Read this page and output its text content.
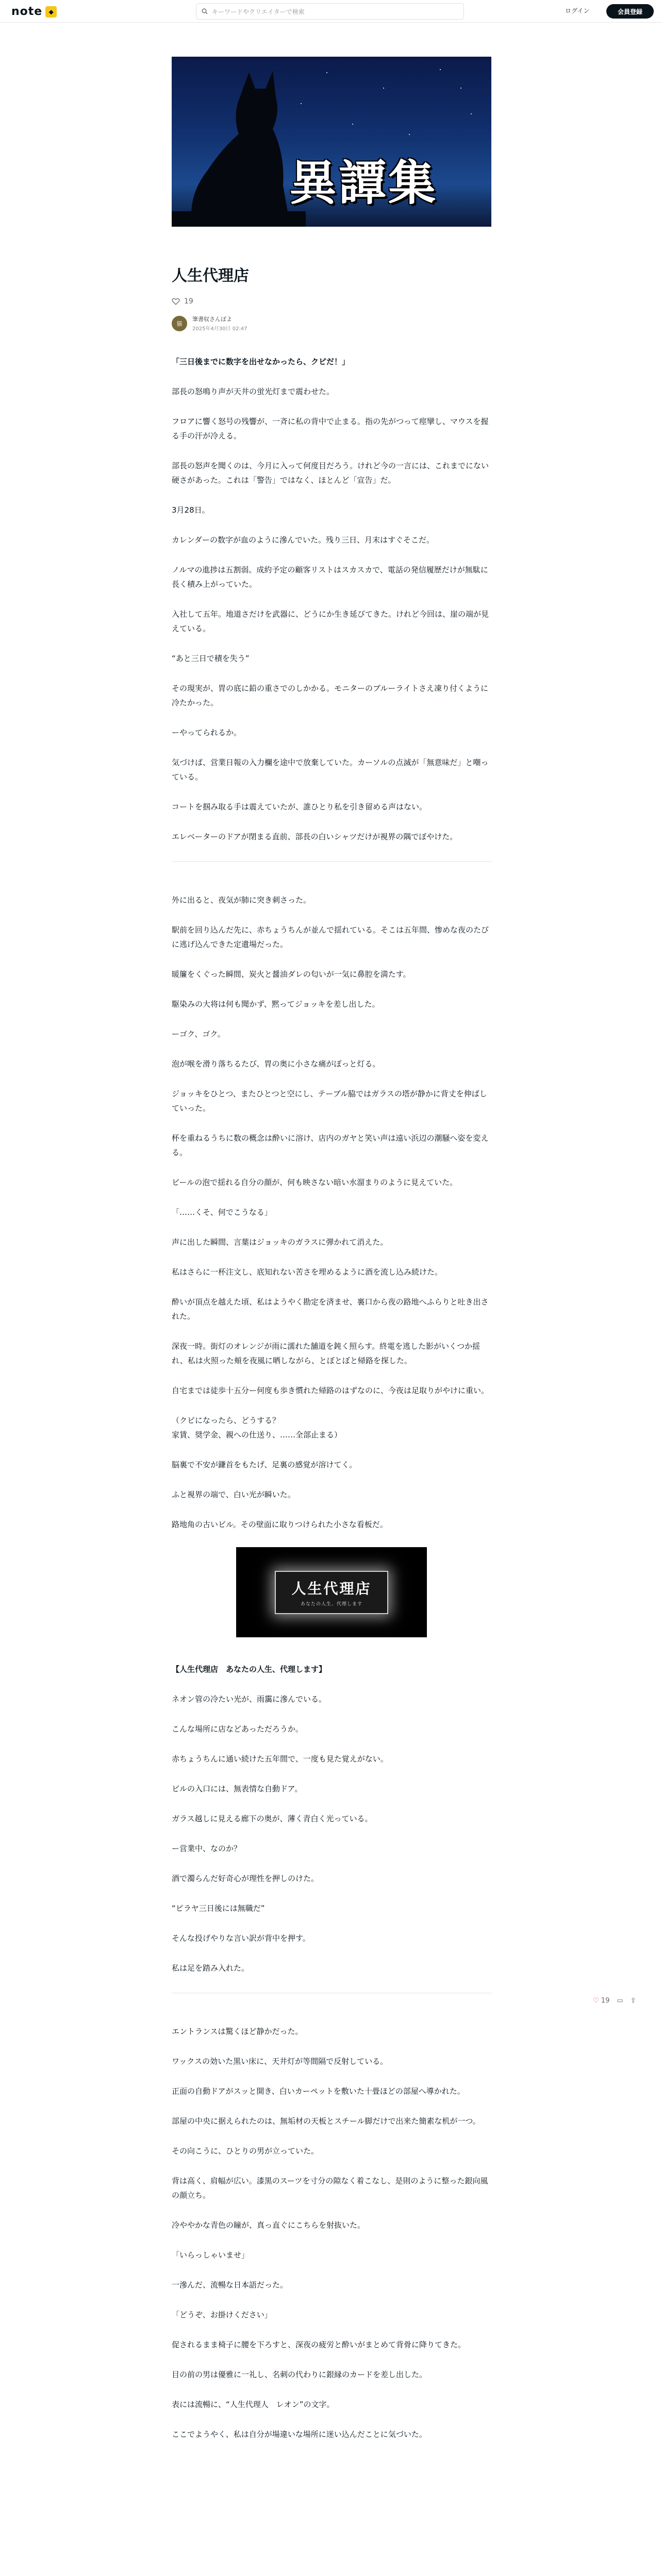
note	◆	キーワードやクリエイターで検索	ログイン	会員登録
異譚集
人生代理店
19
猫
筆書収さんぽよ
2025年4月30日 02:47

「三日後までに数字を出せなかったら、クビだ！」

部長の怒鳴り声が天井の蛍光灯まで震わせた。

フロアに響く怒号の残響が、一斉に私の背中で止まる。指の先がつって痙攣し、マウスを握る手の汗が冷える。

部長の怒声を聞くのは、今月に入って何度目だろう。けれど今の一言には、これまでにない硬さがあった。これは「警告」ではなく、ほとんど「宣告」だ。

3月28日。

カレンダーの数字が血のように滲んでいた。残り三日、月末はすぐそこだ。

ノルマの進捗は五割弱。成約予定の顧客リストはスカスカで、電話の発信履歴だけが無駄に長く積み上がっていた。

入社して五年。地道さだけを武器に、どうにか生き延びてきた。けれど今回は、崖の端が見えている。

“あと三日で積を失う”

その現実が、胃の底に鉛の重さでのしかかる。モニターのブルーライトさえ凍り付くように冷たかった。

ーやってられるか。

気づけば、営業日報の入力欄を途中で放棄していた。カーソルの点滅が「無意味だ」と嘲っている。

コートを掴み取る手は震えていたが、誰ひとり私を引き留める声はない。

エレベーターのドアが閉まる直前、部長の白いシャツだけが視界の隅でぼやけた。

外に出ると、夜気が肺に突き刺さった。

駅前を回り込んだ先に、赤ちょうちんが並んで揺れている。そこは五年間、惨めな夜のたびに逃げ込んできた定遺場だった。

暖簾をくぐった瞬間、炭火と醤油ダレの匂いが一気に鼻腔を満たす。

駆染みの大将は何も聞かず、黙ってジョッキを差し出した。

ーゴク、ゴク。

泡が喉を滑り落ちるたび、胃の奥に小さな痛がぽっと灯る。

ジョッキをひとつ、またひとつと空にし、テーブル脇ではガラスの塔が静かに背丈を伸ばしていった。

杯を重ねるうちに数の概念は酔いに溶け、店内のガヤと笑い声は遠い浜辺の潮騒へ姿を変える。

ビールの泡で揺れる自分の顔が、何も映さない暗い水溜まりのように見えていた。

「……くそ、何でこうなる」

声に出した瞬間、言葉はジョッキのガラスに弾かれて消えた。

私はさらに一杯注文し、底知れない苦さを埋めるように酒を流し込み続けた。

酔いが頂点を越えた頃、私はようやく勘定を済ませ、裏口から夜の路地へふらりと吐き出された。

深夜一時。街灯のオレンジが雨に濡れた舗道を鈍く照らす。終電を逃した影がいくつか揺れ、私は火照った頬を夜風に晒しながら、とぼとぼと帰路を探した。

自宅までは徒歩十五分ー何度も歩き慣れた帰路のはずなのに、今夜は足取りがやけに重い。

（クビになったら、どうする？
家賃、奨学金、親への仕送り、……全部止まる）

脳裏で不安が鎌首をもたげ、足裏の感覚が溶けてく。

ふと視界の端で、白い光が瞬いた。

路地角の古いビル。その壁面に取りつけられた小さな看板だ。

人生代理店
あなたの人生、代理します

【人生代理店　あなたの人生、代理します】

ネオン管の冷たい光が、雨靄に滲んでいる。

こんな場所に店などあっただろうか。

赤ちょうちんに通い続けた五年間で、一度も見た覚えがない。

ビルの入口には、無表情な自動ドア。

ガラス越しに見える廊下の奥が、薄く青白く光っている。

ー営業中、なのか？

酒で濁らんだ好奇心が理性を押しのけた。

“ピラヤ三日後には無職だ”

そんな投げやりな言い訳が背中を押す。

私は足を踏み入れた。

エントランスは驚くほど静かだった。

ワックスの効いた黒い床に、天井灯が等間隔で反射している。

正面の自動ドアがスッと開き、白いカーペットを敷いた十畳ほどの部屋へ導かれた。

部屋の中央に据えられたのは、無垢材の天板とスチール脚だけで出来た簡素な机が一つ。

その向こうに、ひとりの男が立っていた。

背は高く、肩幅が広い。漆黒のスーツを寸分の隙なく着こなし、是則のように整った銀向風の顔立ち。

冷ややかな青色の瞳が、真っ直ぐにこちらを射抜いた。

「いらっしゃいませ」

一滲んだ、流暢な日本語だった。

「どうぞ、お掛けください」

促されるまま椅子に腰を下ろすと、深夜の疲労と酔いがまとめて背骨に降りてきた。

目の前の男は優雅に一礼し、名刺の代わりに銀縁のカードを差し出した。

表には流暢に、“人生代理人　レオン”の文字。

ここでようやく、私は自分が場違いな場所に迷い込んだことに気づいた。

♡ 19 ▭ ⇪
